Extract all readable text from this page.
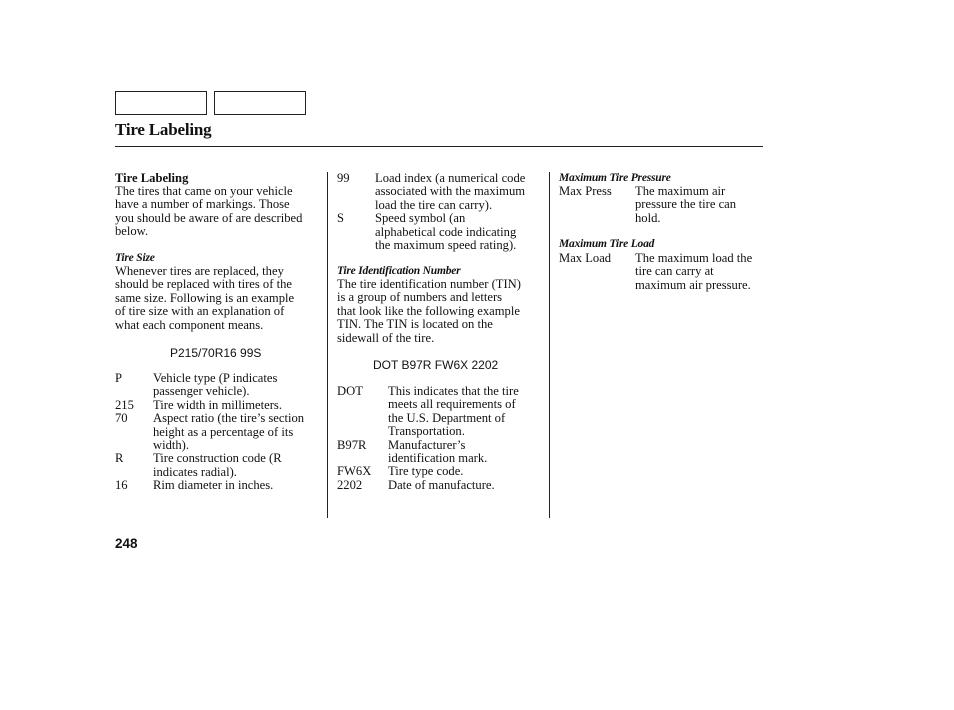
Tire Labeling
Tire Labeling
The tires that came on your vehicle
have a number of markings. Those
you should be aware of are described
below.
Tire Size
Whenever tires are replaced, they
should be replaced with tires of the
same size. Following is an example
of tire size with an explanation of
what each component means.
P215/70R16 99S
P Vehicle type (P indicates
passenger vehicle).
215 Tire width in millimeters.
70 Aspect ratio (the tire’s section
height as a percentage of its
width).
R Tire construction code (R
indicates radial).
16 Rim diameter in inches.
99 Load index (a numerical code
associated with the maximum
load the tire can carry).
S Speed symbol (an
alphabetical code indicating
the maximum speed rating).
Tire Identification Number
The tire identification number (TIN)
is a group of numbers and letters
that look like the following example
TIN. The TIN is located on the
sidewall of the tire.
DOT B97R FW6X 2202
DOT This indicates that the tire
meets all requirements of
the U.S. Department of
Transportation.
B97R Manufacturer’s
identification mark.
FW6X Tire type code.
2202 Date of manufacture.
Maximum Tire Pressure
Max Press The maximum air
pressure the tire can
hold.
Maximum Tire Load
Max Load The maximum load the
tire can carry at
maximum air pressure.
248
